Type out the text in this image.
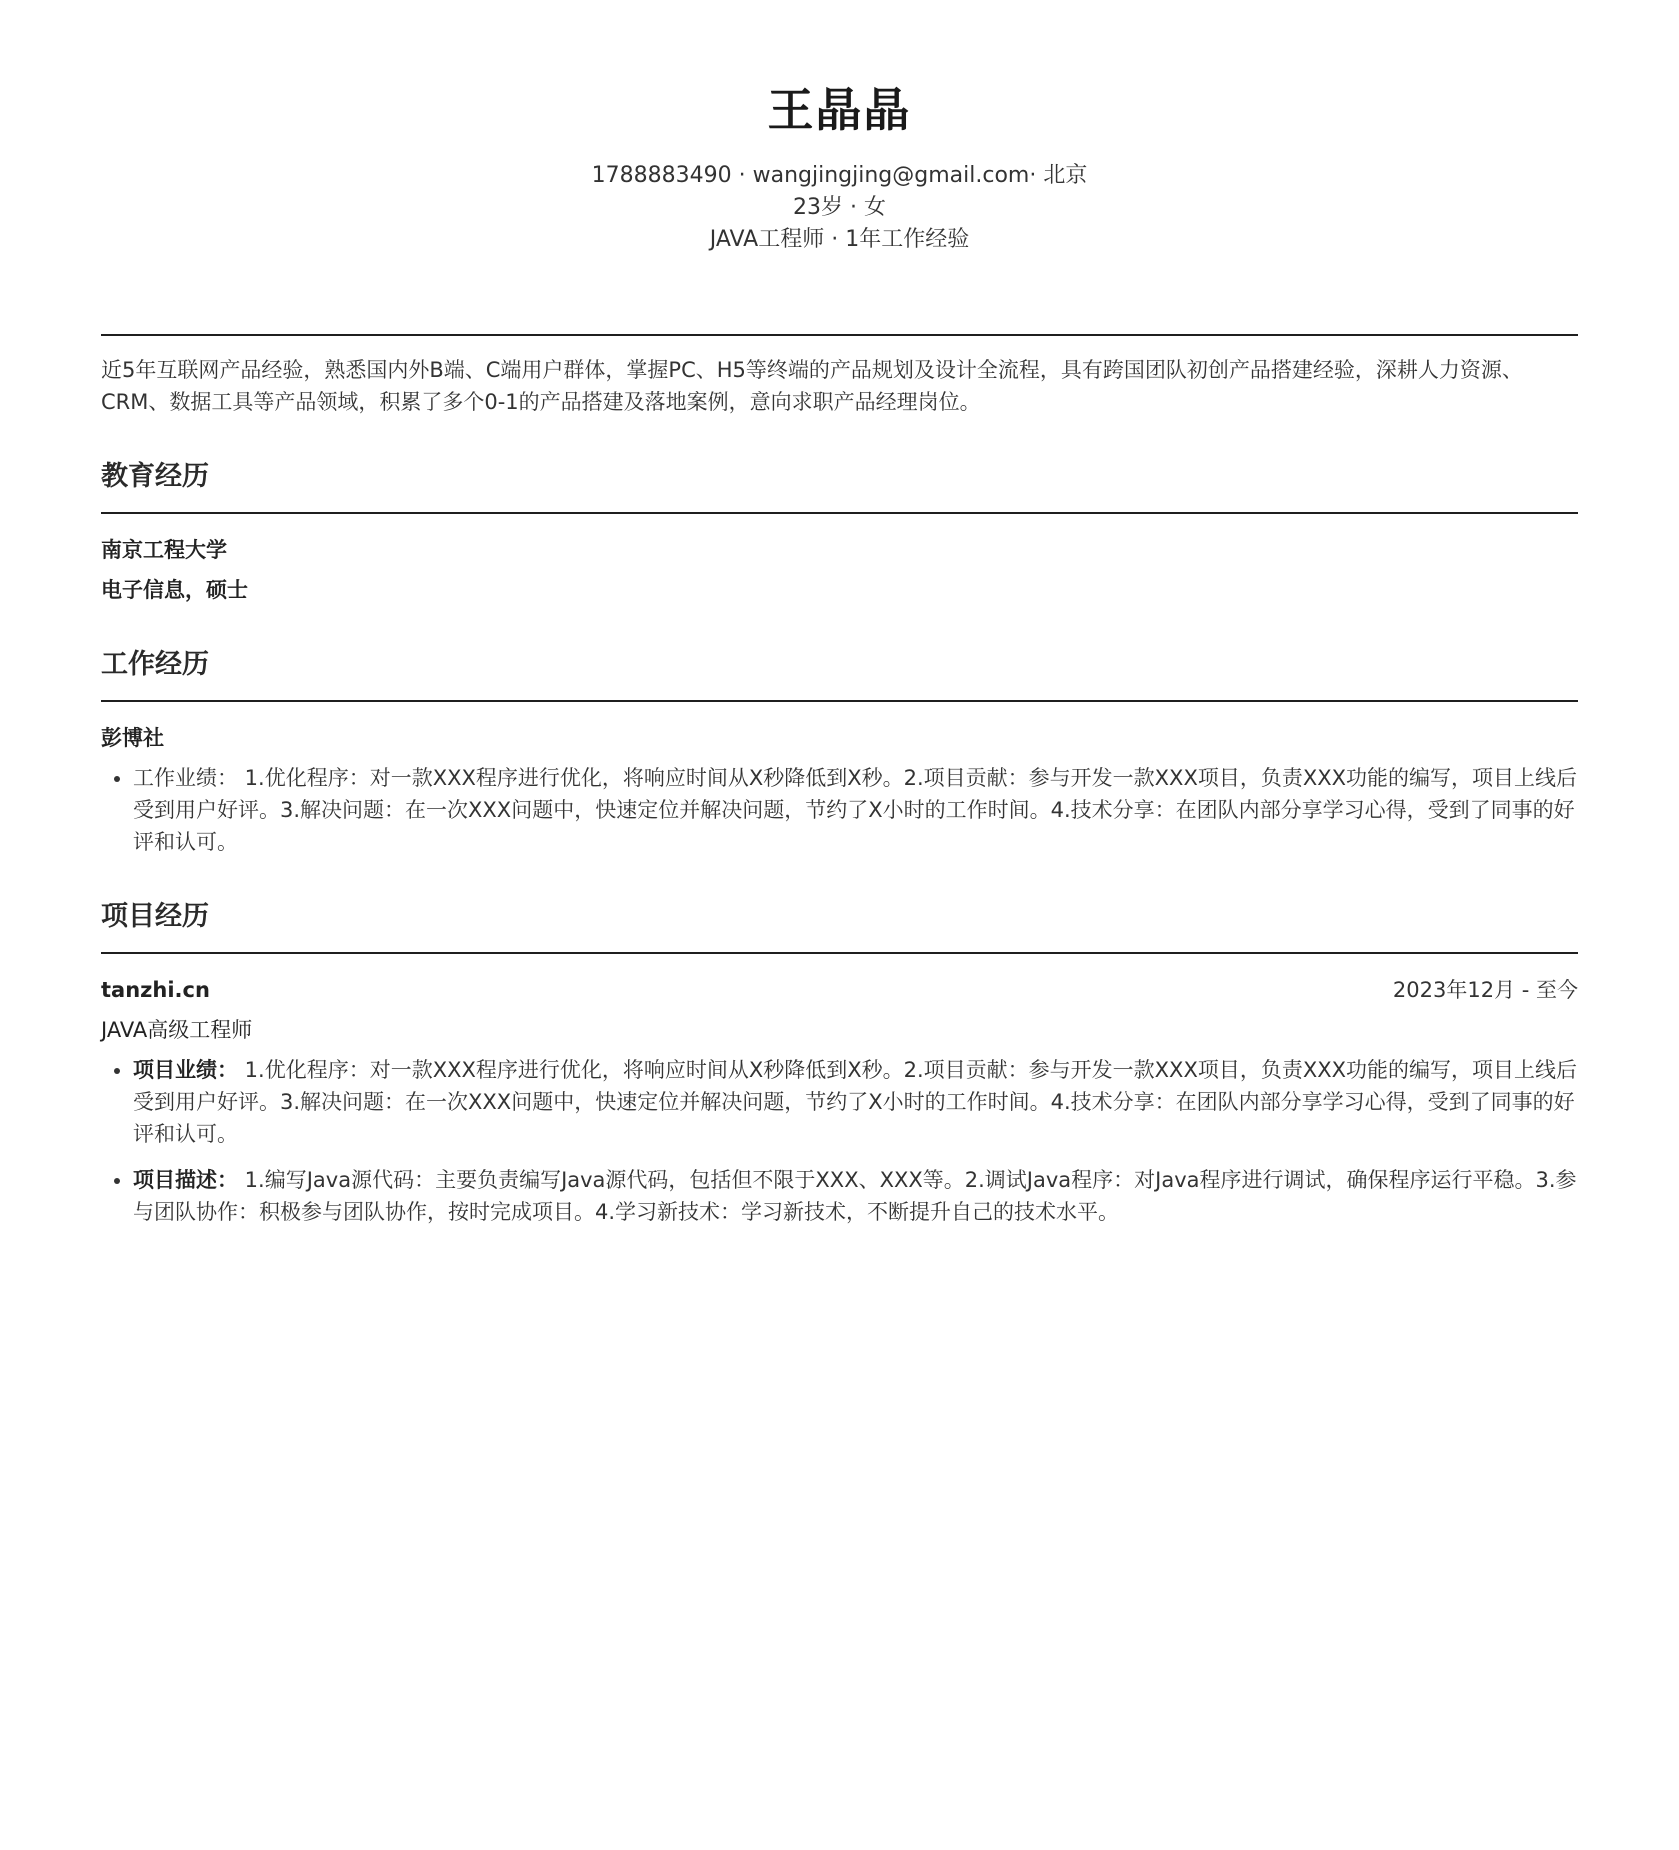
王晶晶
1788883490 · wangjingjing@gmail.com· 北京
23岁 · 女
JAVA工程师 · 1年工作经验
近5年互联网产品经验，熟悉国内外B端、C端用户群体，掌握PC、H5等终端的产品规划及设计全流程，具有跨国团队初创产品搭建经验，深耕人力资源、CRM、数据工具等产品领域，积累了多个0-1的产品搭建及落地案例，意向求职产品经理岗位。
教育经历
南京工程大学
电子信息，硕士
工作经历
彭博社
• 工作业绩： 1.优化程序：对一款XXX程序进行优化，将响应时间从X秒降低到X秒。2.项目贡献：参与开发一款XXX项目，负责XXX功能的编写，项目上线后受到用户好评。3.解决问题：在一次XXX问题中，快速定位并解决问题，节约了X小时的工作时间。4.技术分享：在团队内部分享学习心得，受到了同事的好评和认可。
项目经历
tanzhi.cn	2023年12月 - 至今
JAVA高级工程师
• 项目业绩： 1.优化程序：对一款XXX程序进行优化，将响应时间从X秒降低到X秒。2.项目贡献：参与开发一款XXX项目，负责XXX功能的编写，项目上线后受到用户好评。3.解决问题：在一次XXX问题中，快速定位并解决问题，节约了X小时的工作时间。4.技术分享：在团队内部分享学习心得，受到了同事的好评和认可。
• 项目描述： 1.编写Java源代码：主要负责编写Java源代码，包括但不限于XXX、XXX等。2.调试Java程序：对Java程序进行调试，确保程序运行平稳。3.参与团队协作：积极参与团队协作，按时完成项目。4.学习新技术：学习新技术，不断提升自己的技术水平。
